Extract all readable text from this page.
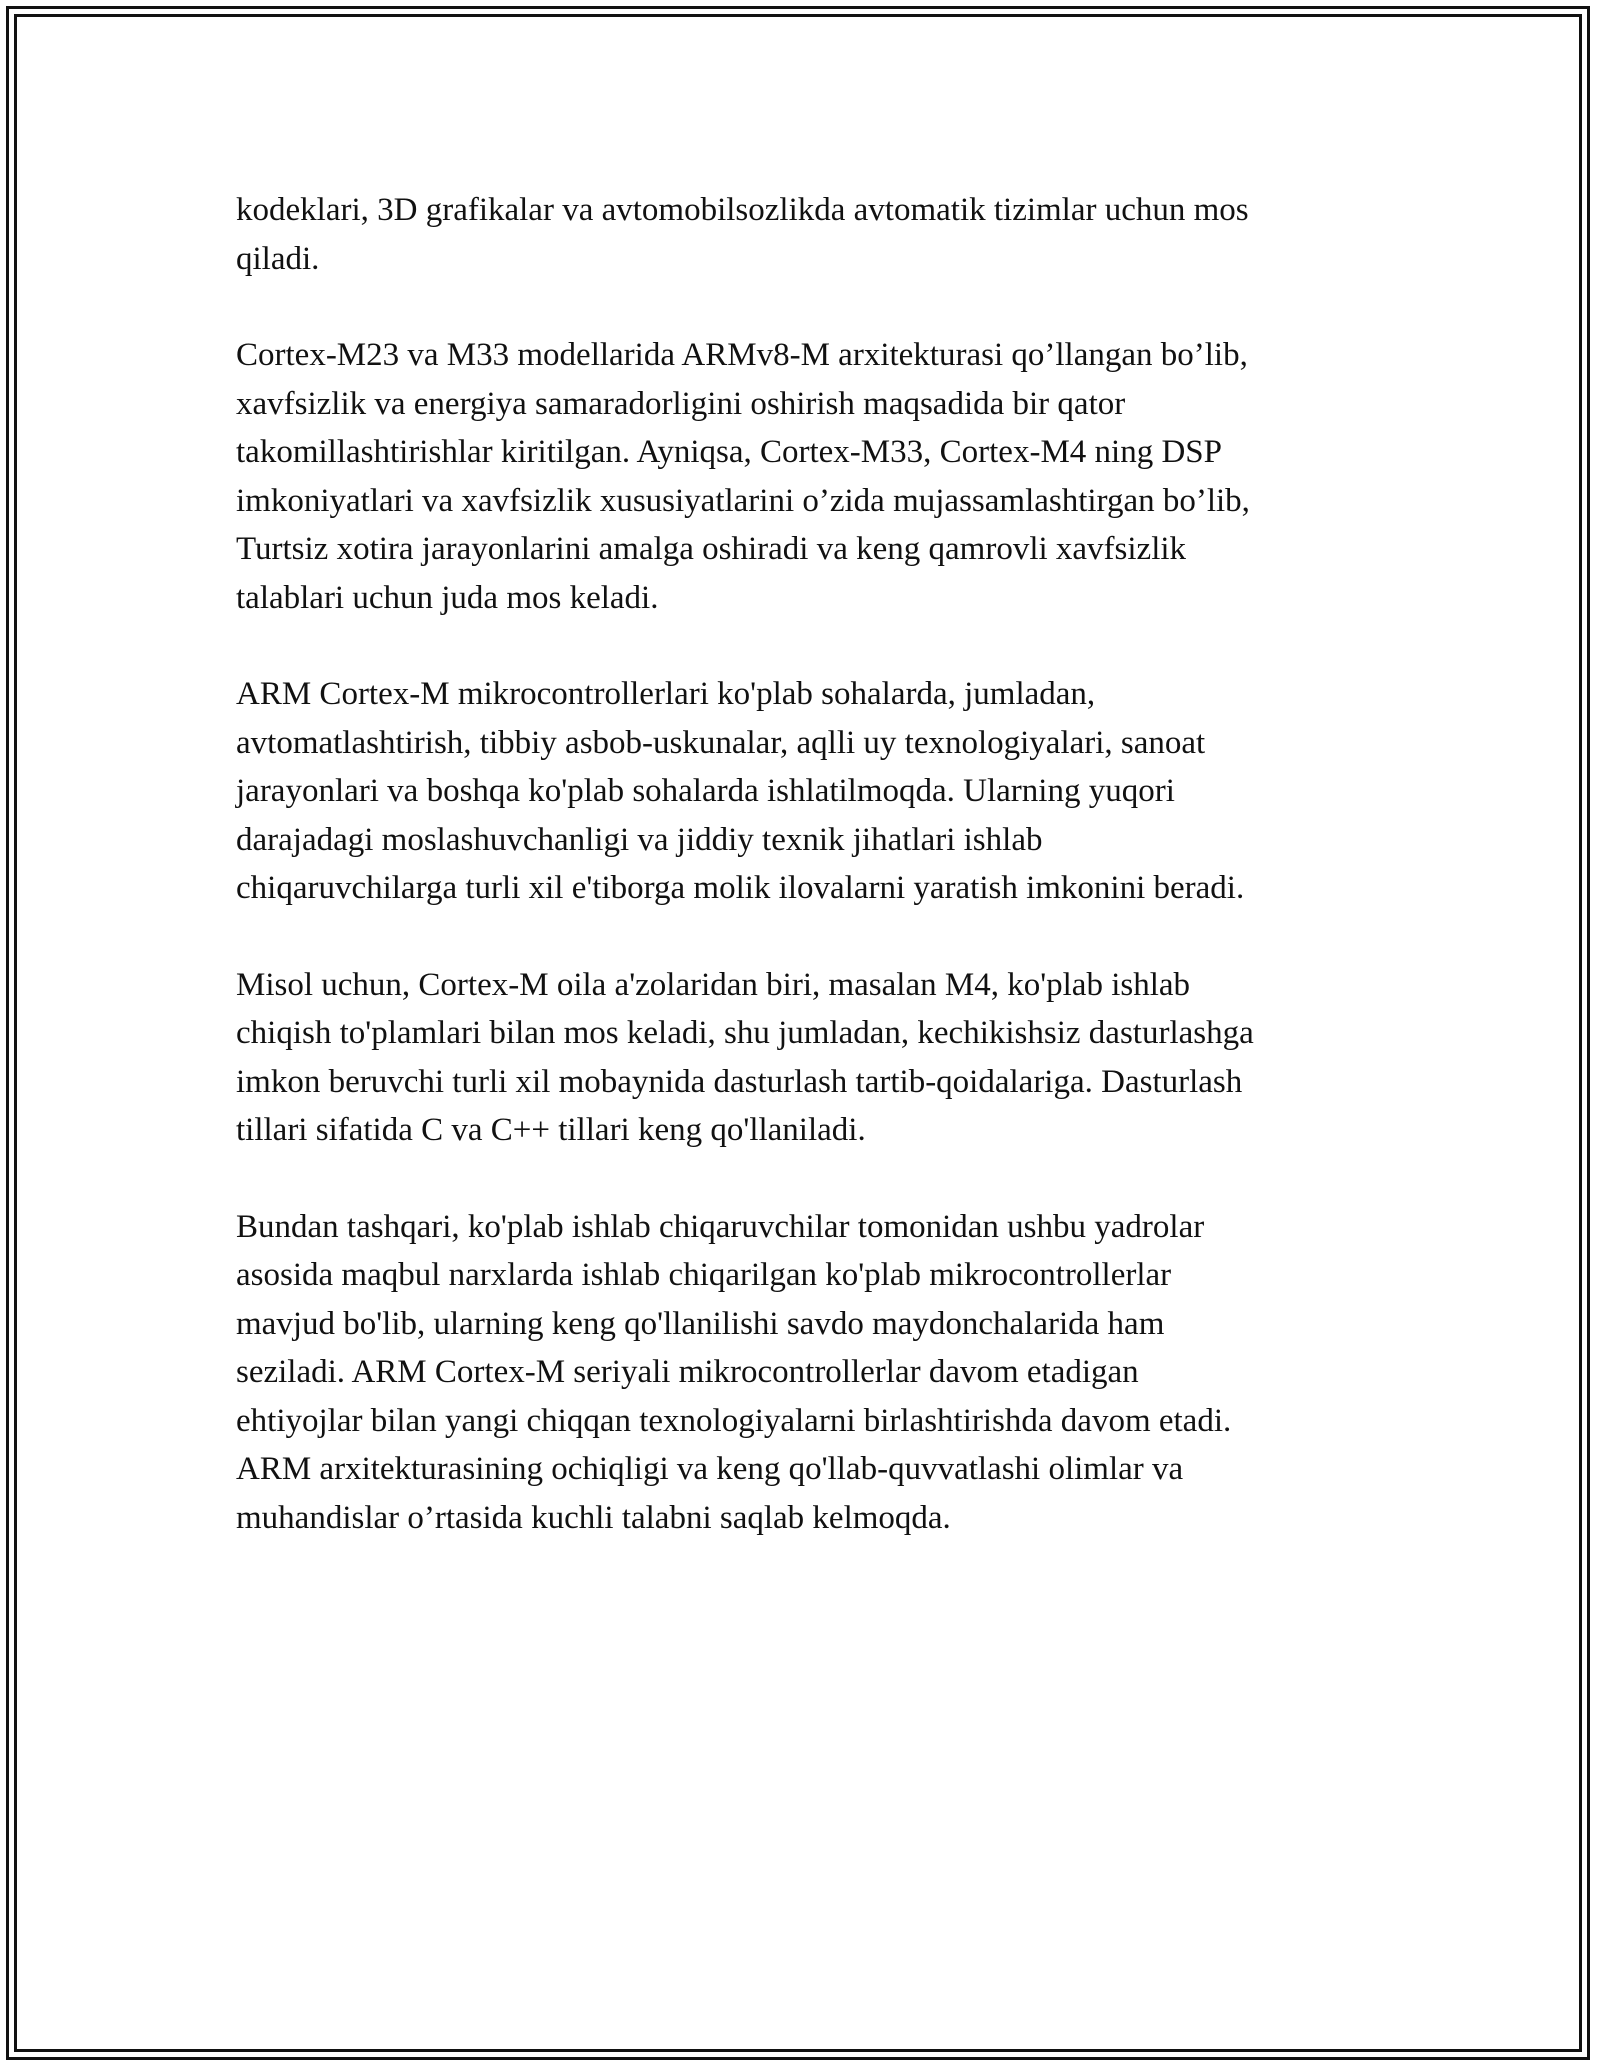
kodeklari, 3D grafikalar va avtomobilsozlikda avtomatik tizimlar uchun mos
qiladi.

Cortex-M23 va M33 modellarida ARMv8-M arxitekturasi qo’llangan bo’lib,
xavfsizlik va energiya samaradorligini oshirish maqsadida bir qator
takomillashtirishlar kiritilgan. Ayniqsa, Cortex-M33, Cortex-M4 ning DSP
imkoniyatlari va xavfsizlik xususiyatlarini o’zida mujassamlashtirgan bo’lib,
Turtsiz xotira jarayonlarini amalga oshiradi va keng qamrovli xavfsizlik
talablari uchun juda mos keladi.

ARM Cortex-M mikrocontrollerlari ko'plab sohalarda, jumladan,
avtomatlashtirish, tibbiy asbob-uskunalar, aqlli uy texnologiyalari, sanoat
jarayonlari va boshqa ko'plab sohalarda ishlatilmoqda. Ularning yuqori
darajadagi moslashuvchanligi va jiddiy texnik jihatlari ishlab
chiqaruvchilarga turli xil e'tiborga molik ilovalarni yaratish imkonini beradi.

Misol uchun, Cortex-M oila a'zolaridan biri, masalan M4, ko'plab ishlab
chiqish to'plamlari bilan mos keladi, shu jumladan, kechikishsiz dasturlashga
imkon beruvchi turli xil mobaynida dasturlash tartib-qoidalariga. Dasturlash
tillari sifatida C va C++ tillari keng qo'llaniladi.

Bundan tashqari, ko'plab ishlab chiqaruvchilar tomonidan ushbu yadrolar
asosida maqbul narxlarda ishlab chiqarilgan ko'plab mikrocontrollerlar
mavjud bo'lib, ularning keng qo'llanilishi savdo maydonchalarida ham
seziladi. ARM Cortex-M seriyali mikrocontrollerlar davom etadigan
ehtiyojlar bilan yangi chiqqan texnologiyalarni birlashtirishda davom etadi.
ARM arxitekturasining ochiqligi va keng qo'llab-quvvatlashi olimlar va
muhandislar o’rtasida kuchli talabni saqlab kelmoqda.
